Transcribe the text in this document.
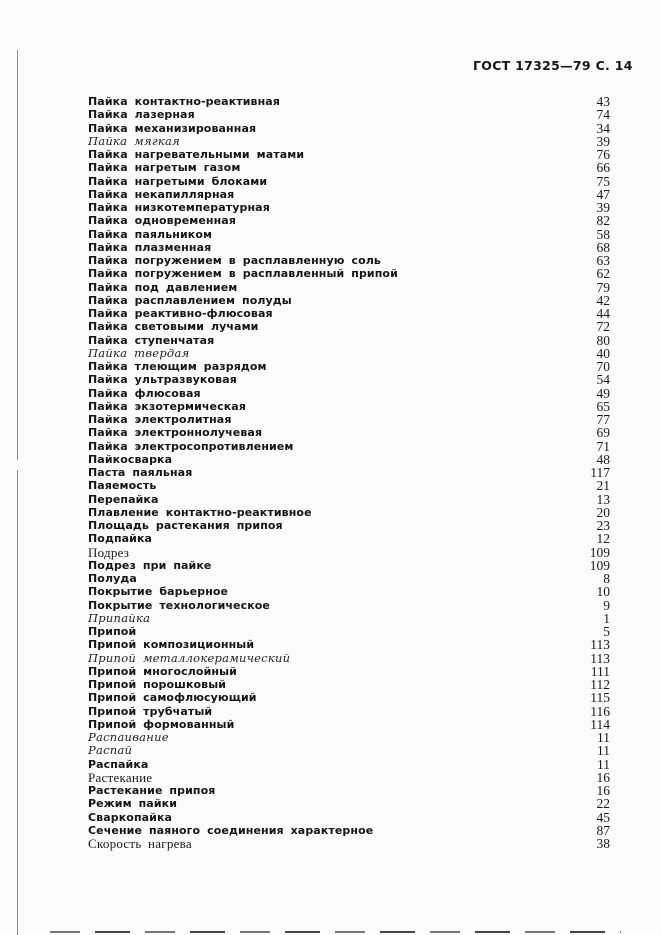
ГОСТ 17325—79 С. 14
Пайка контактно-реактивная	43
Пайка лазерная	74
Пайка механизированная	34
Пайка мягкая	39
Пайка нагревательными матами	76
Пайка нагретым газом	66
Пайка нагретыми блоками	75
Пайка некапиллярная	47
Пайка низкотемпературная	39
Пайка одновременная	82
Пайка паяльником	58
Пайка плазменная	68
Пайка погружением в расплавленную соль	63
Пайка погружением в расплавленный припой	62
Пайка под давлением	79
Пайка расплавлением полуды	42
Пайка реактивно-флюсовая	44
Пайка световыми лучами	72
Пайка ступенчатая	80
Пайка твердая	40
Пайка тлеющим разрядом	70
Пайка ультразвуковая	54
Пайка флюсовая	49
Пайка экзотермическая	65
Пайка электролитная	77
Пайка электроннолучевая	69
Пайка электросопротивлением	71
Пайкосварка	48
Паста паяльная	117
Паяемость	21
Перепайка	13
Плавление контактно-реактивное	20
Площадь растекания припоя	23
Подпайка	12
Подрез	109
Подрез при пайке	109
Полуда	8
Покрытие барьерное	10
Покрытие технологическое	9
Припайка	1
Припой	5
Припой композиционный	113
Припой металлокерамический	113
Припой многослойный	111
Припой порошковый	112
Припой самофлюсующий	115
Припой трубчатый	116
Припой формованный	114
Распаивание	11
Распай	11
Распайка	11
Растекание	16
Растекание припоя	16
Режим пайки	22
Сваркопайка	45
Сечение паяного соединения характерное	87
Скорость нагрева	38
